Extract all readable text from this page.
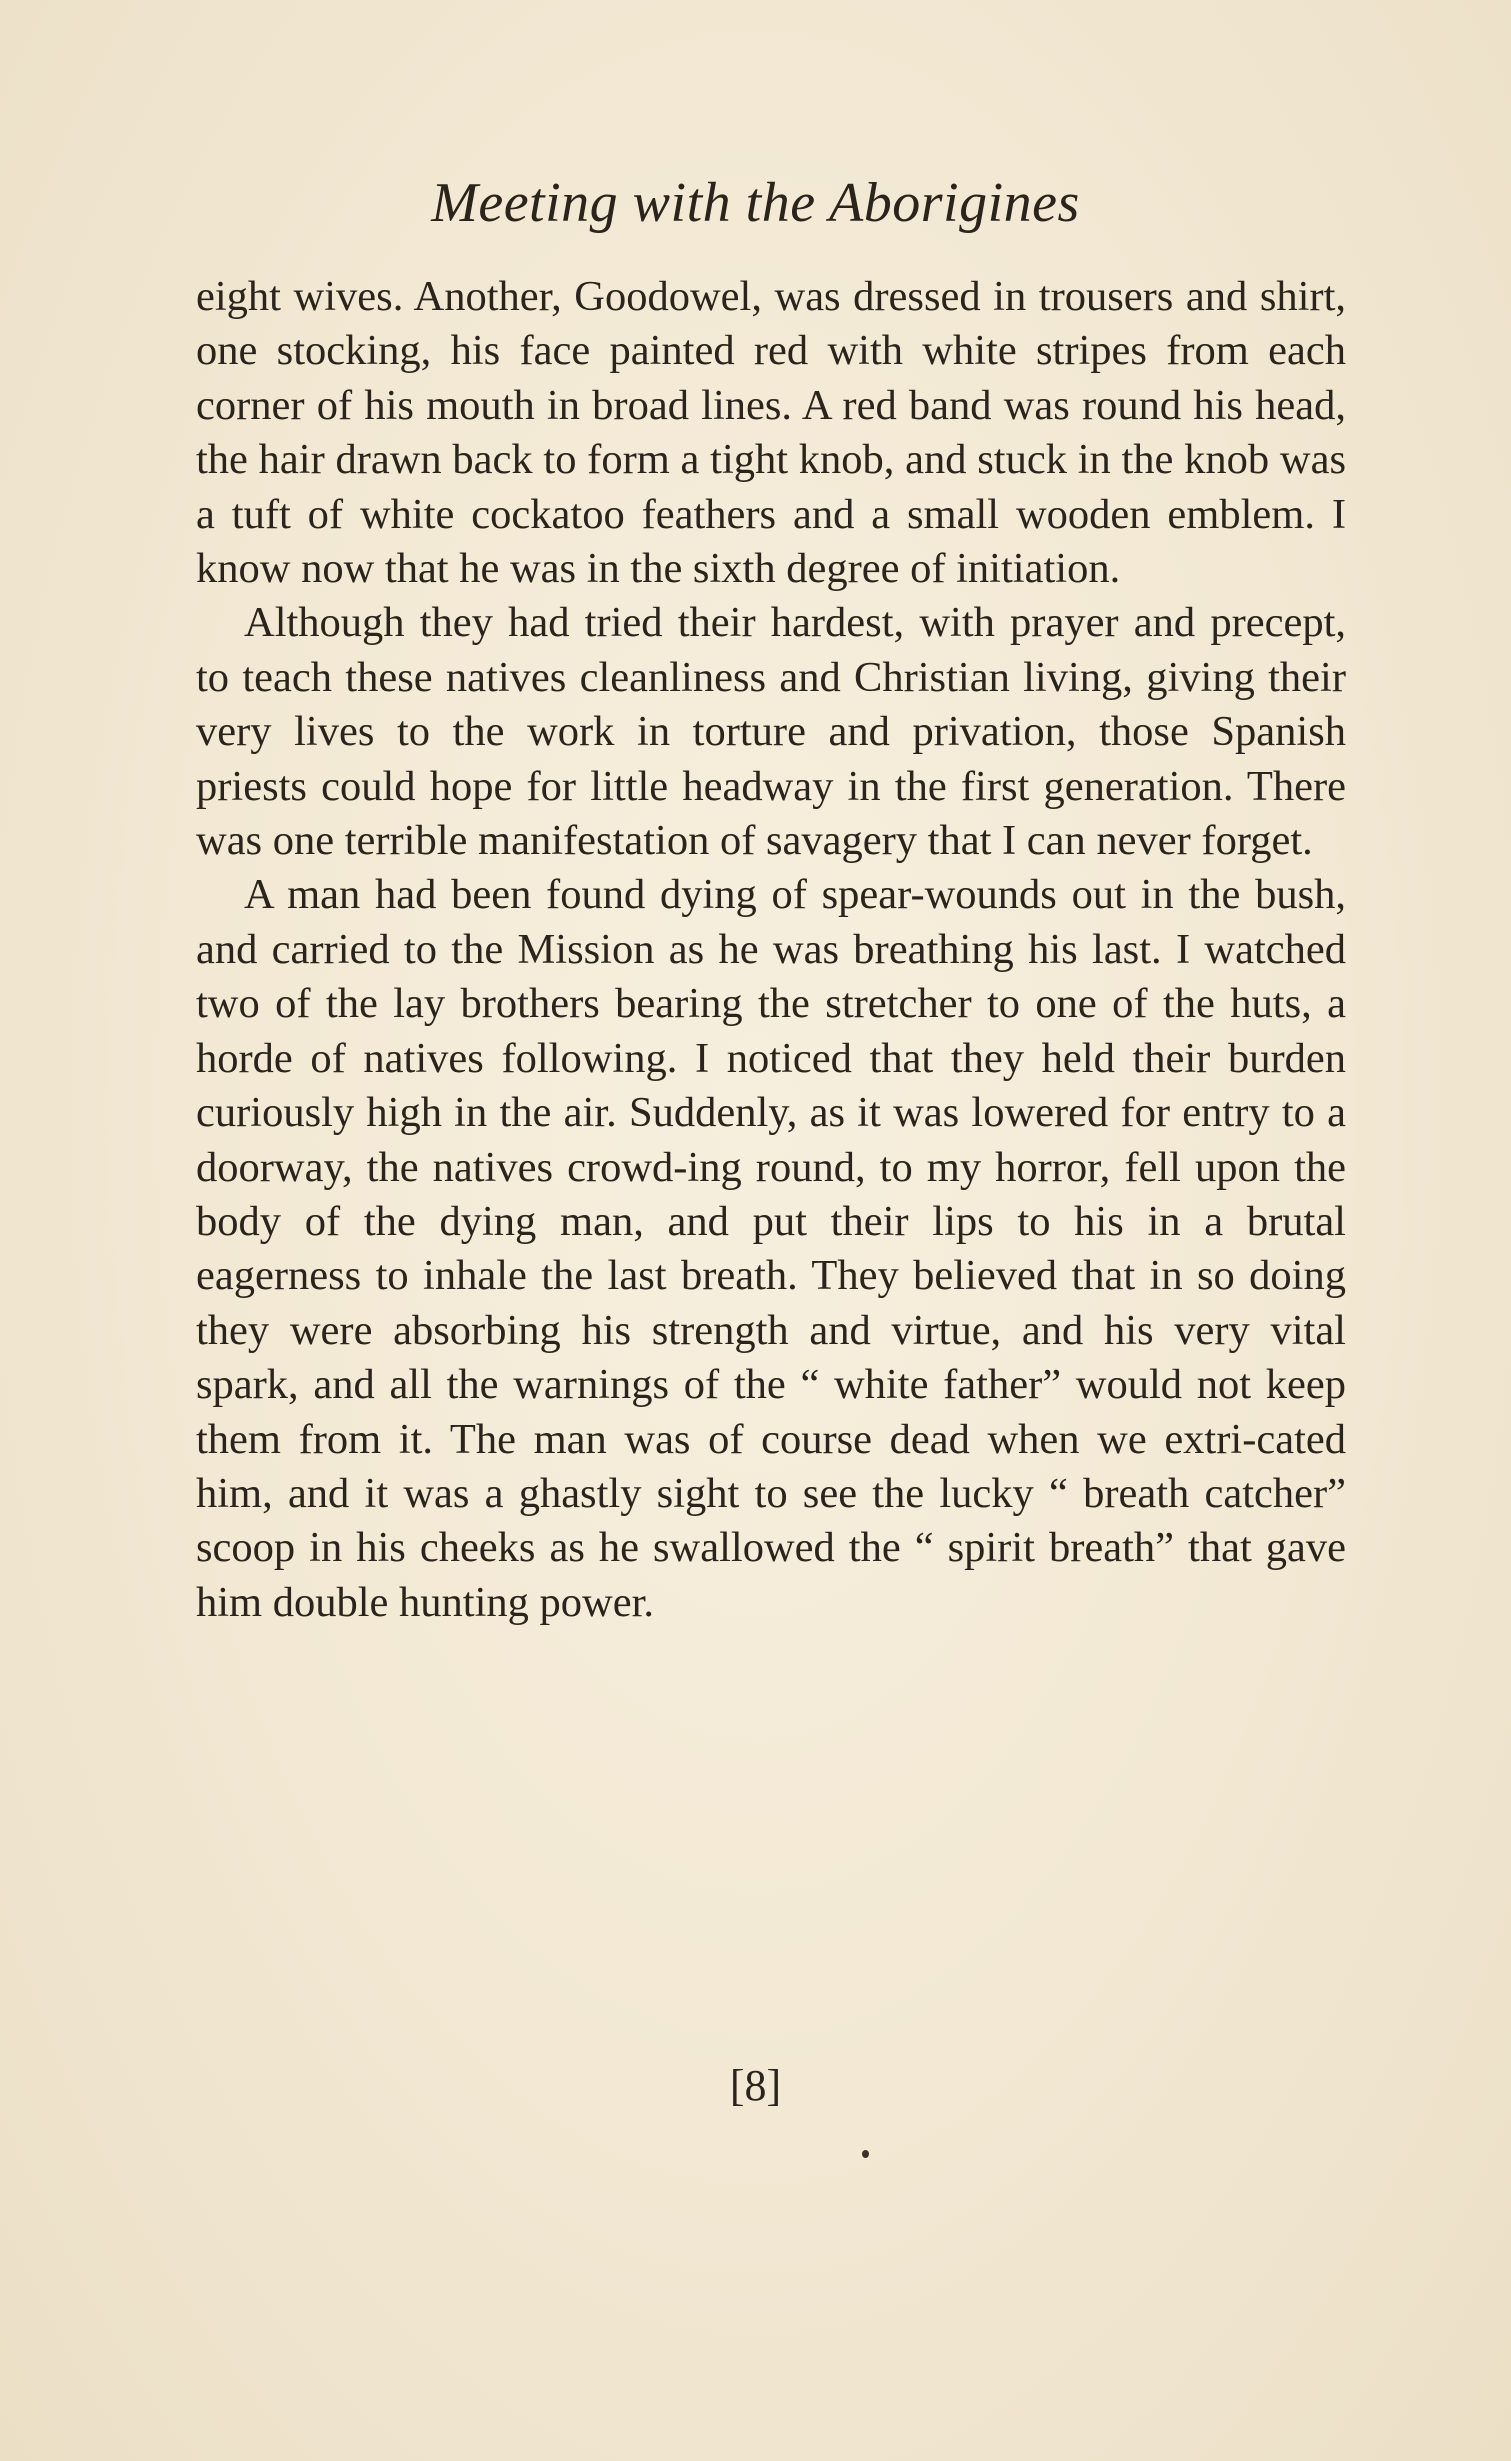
Meeting with the Aborigines

eight wives. Another, Goodowel, was dressed in trousers and shirt, one stocking, his face painted red with white stripes from each corner of his mouth in broad lines. A red band was round his head, the hair drawn back to form a tight knob, and stuck in the knob was a tuft of white cockatoo feathers and a small wooden emblem. I know now that he was in the sixth degree of initiation.

Although they had tried their hardest, with prayer and precept, to teach these natives cleanliness and Christian living, giving their very lives to the work in torture and privation, those Spanish priests could hope for little headway in the first generation. There was one terrible manifestation of savagery that I can never forget.

A man had been found dying of spear-wounds out in the bush, and carried to the Mission as he was breathing his last. I watched two of the lay brothers bearing the stretcher to one of the huts, a horde of natives following. I noticed that they held their burden curiously high in the air. Suddenly, as it was lowered for entry to a doorway, the natives crowd-ing round, to my horror, fell upon the body of the dying man, and put their lips to his in a brutal eagerness to inhale the last breath. They believed that in so doing they were absorbing his strength and virtue, and his very vital spark, and all the warnings of the “ white father” would not keep them from it. The man was of course dead when we extri-cated him, and it was a ghastly sight to see the lucky “ breath catcher” scoop in his cheeks as he swallowed the “ spirit breath” that gave him double hunting power.

[8]
